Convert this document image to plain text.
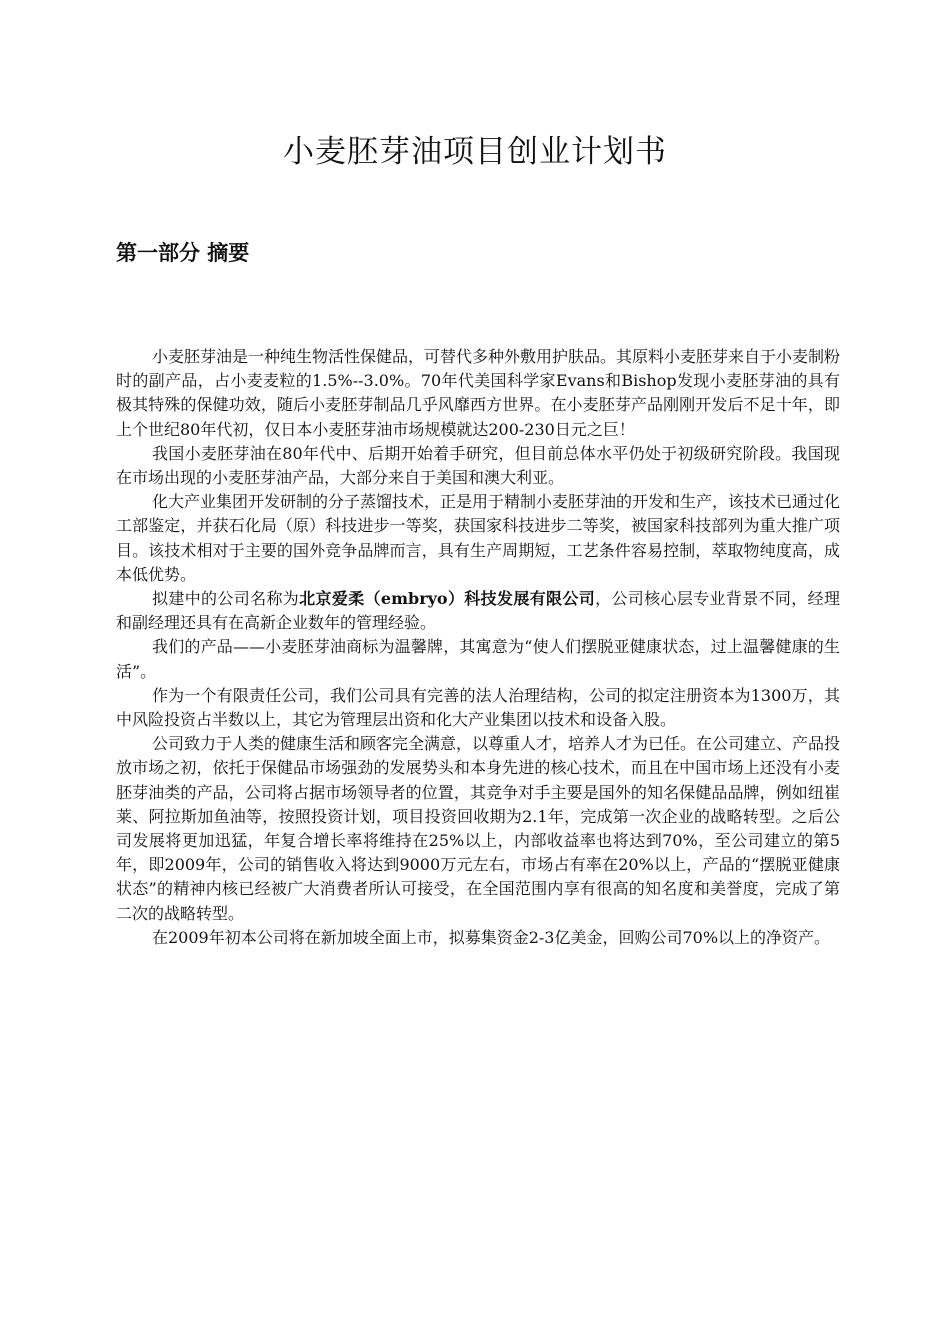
小麦胚芽油项目创业计划书
第一部分 摘要

小麦胚芽油是一种纯生物活性保健品，可替代多种外敷用护肤品。其原料小麦胚芽来自于小麦制粉时的副产品，占小麦麦粒的1.5%--3.0%。70年代美国科学家Evans和Bishop发现小麦胚芽油的具有极其特殊的保健功效，随后小麦胚芽制品几乎风靡西方世界。在小麦胚芽产品刚刚开发后不足十年，即上个世纪80年代初，仅日本小麦胚芽油市场规模就达200-230日元之巨！

我国小麦胚芽油在80年代中、后期开始着手研究，但目前总体水平仍处于初级研究阶段。我国现在市场出现的小麦胚芽油产品，大部分来自于美国和澳大利亚。

化大产业集团开发研制的分子蒸馏技术，正是用于精制小麦胚芽油的开发和生产，该技术已通过化工部鉴定，并获石化局（原）科技进步一等奖，获国家科技进步二等奖，被国家科技部列为重大推广项目。该技术相对于主要的国外竞争品牌而言，具有生产周期短，工艺条件容易控制，萃取物纯度高，成本低优势。

拟建中的公司名称为北京爱柔（embryo）科技发展有限公司，公司核心层专业背景不同，经理和副经理还具有在高新企业数年的管理经验。

我们的产品——小麦胚芽油商标为温馨牌，其寓意为“使人们摆脱亚健康状态，过上温馨健康的生活”。

作为一个有限责任公司，我们公司具有完善的法人治理结构，公司的拟定注册资本为1300万，其中风险投资占半数以上，其它为管理层出资和化大产业集团以技术和设备入股。

公司致力于人类的健康生活和顾客完全满意，以尊重人才，培养人才为已任。在公司建立、产品投放市场之初，依托于保健品市场强劲的发展势头和本身先进的核心技术，而且在中国市场上还没有小麦胚芽油类的产品，公司将占据市场领导者的位置，其竞争对手主要是国外的知名保健品品牌，例如纽崔莱、阿拉斯加鱼油等，按照投资计划，项目投资回收期为2.1年，完成第一次企业的战略转型。之后公司发展将更加迅猛，年复合增长率将维持在25%以上，内部收益率也将达到70%，至公司建立的第5年，即2009年，公司的销售收入将达到9000万元左右，市场占有率在20%以上，产品的“摆脱亚健康状态”的精神内核已经被广大消费者所认可接受，在全国范围内享有很高的知名度和美誉度，完成了第二次的战略转型。

在2009年初本公司将在新加坡全面上市，拟募集资金2-3亿美金，回购公司70%以上的净资产。
